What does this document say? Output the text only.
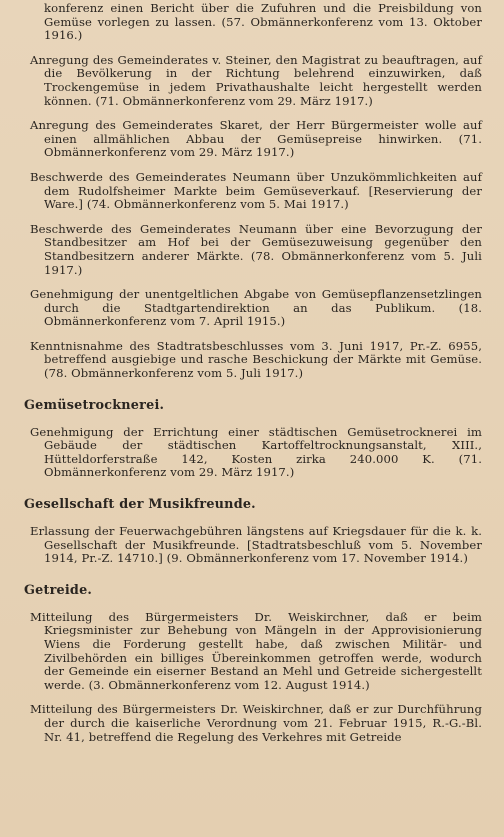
konferenz einen Bericht über die Zufuhren und die Preisbildung von Gemüse vorlegen zu lassen. (57. Obmännerkonferenz vom 13. Oktober 1916.)

Anregung des Gemeinderates v. Steiner, den Magistrat zu beauftragen, auf die Bevölkerung in der Richtung belehrend einzuwirken, daß Trockengemüse in jedem Privathaushalte leicht hergestellt werden können. (71. Obmännerkonferenz vom 29. März 1917.)

Anregung des Gemeinderates Skaret, der Herr Bürgermeister wolle auf einen allmählichen Abbau der Gemüsepreise hinwirken. (71. Obmännerkonferenz vom 29. März 1917.)

Beschwerde des Gemeinderates Neumann über Unzukömmlichkeiten auf dem Rudolfsheimer Markte beim Gemüseverkauf. [Reservierung der Ware.] (74. Obmännerkonferenz vom 5. Mai 1917.)

Beschwerde des Gemeinderates Neumann über eine Bevorzugung der Standbesitzer am Hof bei der Gemüsezuweisung gegenüber den Standbesitzern anderer Märkte. (78. Obmännerkonferenz vom 5. Juli 1917.)

Genehmigung der unentgeltlichen Abgabe von Gemüsepflanzensetzlingen durch die Stadtgartendirektion an das Publikum. (18. Obmännerkonferenz vom 7. April 1915.)

Kenntnisnahme des Stadtratsbeschlusses vom 3. Juni 1917, Pr.-Z. 6955, betreffend ausgiebige und rasche Beschickung der Märkte mit Gemüse. (78. Obmännerkonferenz vom 5. Juli 1917.)

Gemüsetrocknerei.

Genehmigung der Errichtung einer städtischen Gemüsetrocknerei im Gebäude der städtischen Kartoffeltrocknungsanstalt, XIII., Hütteldorferstraße 142, Kosten zirka 240.000 K. (71. Obmännerkonferenz vom 29. März 1917.)

Gesellschaft der Musikfreunde.

Erlassung der Feuerwachgebühren längstens auf Kriegsdauer für die k. k. Gesellschaft der Musikfreunde. [Stadtratsbeschluß vom 5. November 1914, Pr.-Z. 14710.] (9. Obmännerkonferenz vom 17. November 1914.)

Getreide.

Mitteilung des Bürgermeisters Dr. Weiskirchner, daß er beim Kriegsminister zur Behebung von Mängeln in der Approvisionierung Wiens die Forderung gestellt habe, daß zwischen Militär- und Zivilbehörden ein billiges Übereinkommen getroffen werde, wodurch der Gemeinde ein eiserner Bestand an Mehl und Getreide sichergestellt werde. (3. Obmännerkonferenz vom 12. August 1914.)

Mitteilung des Bürgermeisters Dr. Weiskirchner, daß er zur Durchführung der durch die kaiserliche Verordnung vom 21. Februar 1915, R.-G.-Bl. Nr. 41, betreffend die Regelung des Verkehres mit Getreide
